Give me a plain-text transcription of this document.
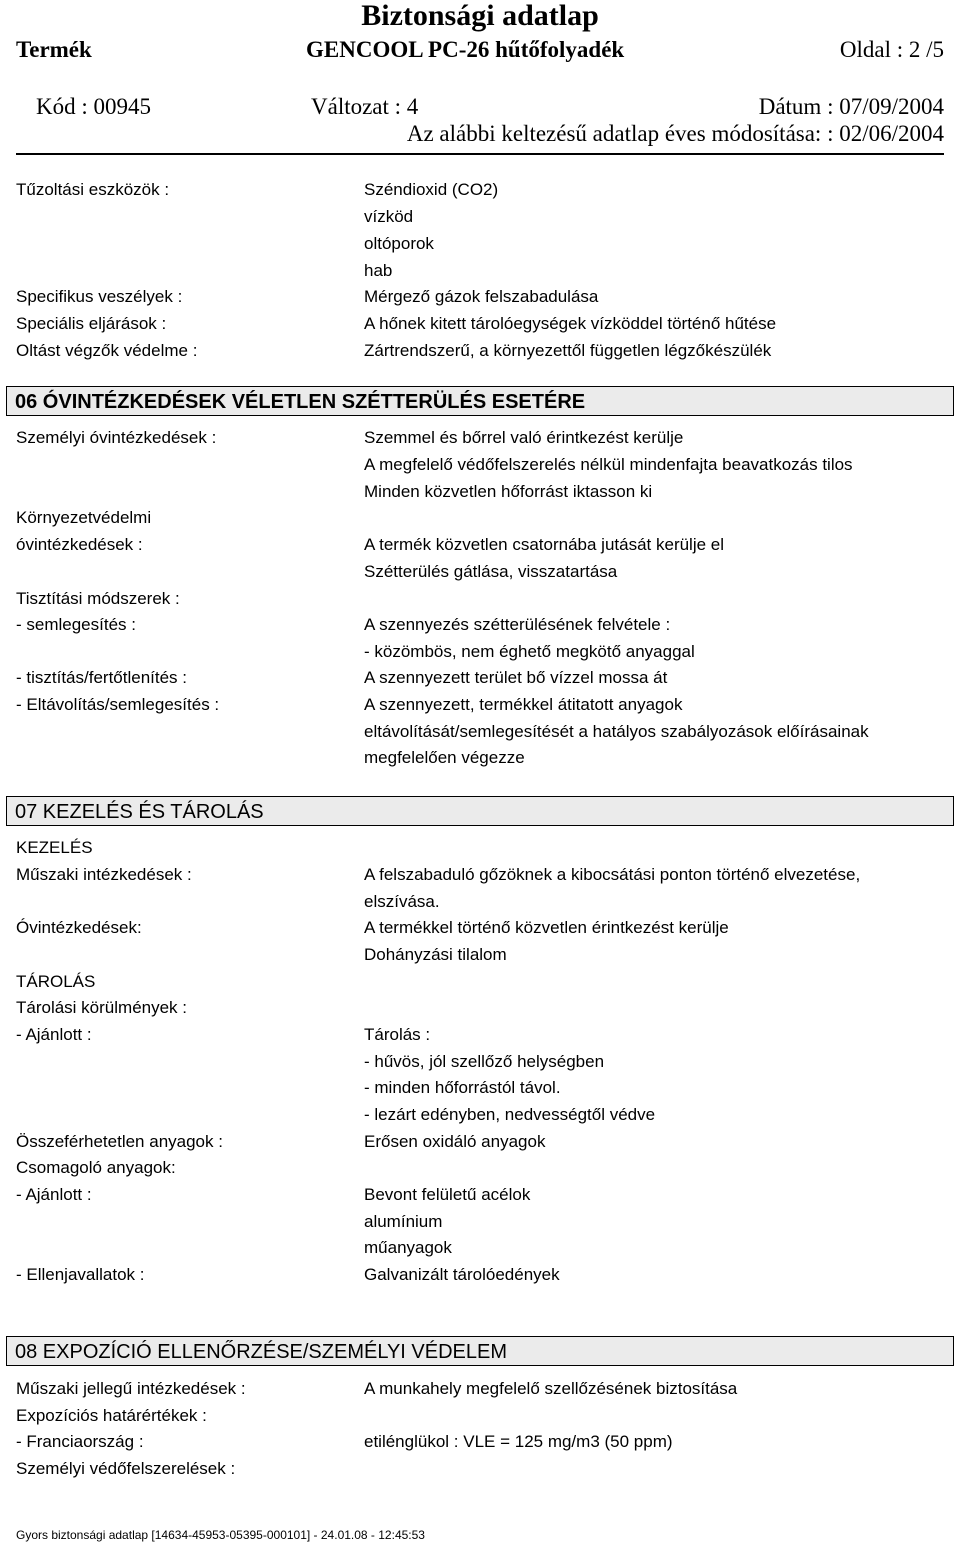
Biztonsági adatlap
Termék	GENCOOL PC-26 hűtőfolyadék	Oldal : 2 /5
Kód : 00945	Változat : 4	Dátum : 07/09/2004
Az alábbi keltezésű adatlap éves módosítása: : 02/06/2004
Tűzoltási eszközök :	Széndioxid (CO2)
vízköd
oltóporok
hab
Specifikus veszélyek :	Mérgező gázok felszabadulása
Speciális eljárások :	A hőnek kitett tárolóegységek vízköddel történő hűtése
Oltást végzők védelme :	Zártrendszerű, a környezettől független légzőkészülék
06 ÓVINTÉZKEDÉSEK VÉLETLEN SZÉTTERÜLÉS ESETÉRE
Személyi óvintézkedések :	Szemmel és bőrrel való érintkezést kerülje
A megfelelő védőfelszerelés nélkül mindenfajta beavatkozás tilos
Minden közvetlen hőforrást iktasson ki
Környezetvédelmi
óvintézkedések :	A termék közvetlen csatornába jutását kerülje el
Szétterülés gátlása, visszatartása
Tisztítási módszerek :
- semlegesítés :	A szennyezés szétterülésének felvétele :
- közömbös, nem éghető megkötő anyaggal
- tisztítás/fertőtlenítés :	A szennyezett terület bő vízzel mossa át
- Eltávolítás/semlegesítés :	A szennyezett, termékkel átitatott anyagok
eltávolítását/semlegesítését a hatályos szabályozások előírásainak
megfelelően végezze
07 KEZELÉS ÉS TÁROLÁS
KEZELÉS
Műszaki intézkedések :	A felszabaduló gőzöknek a kibocsátási ponton történő elvezetése,
elszívása.
Óvintézkedések:	A termékkel történő közvetlen érintkezést kerülje
Dohányzási tilalom
TÁROLÁS
Tárolási körülmények :
- Ajánlott :	Tárolás :
- hűvös, jól szellőző helységben
- minden hőforrástól távol.
- lezárt edényben, nedvességtől védve
Összeférhetetlen anyagok :	Erősen oxidáló anyagok
Csomagoló anyagok:
- Ajánlott :	Bevont felületű acélok
alumínium
műanyagok
- Ellenjavallatok :	Galvanizált tárolóedények
08 EXPOZÍCIÓ ELLENŐRZÉSE/SZEMÉLYI VÉDELEM
Műszaki jellegű intézkedések :	A munkahely megfelelő szellőzésének biztosítása
Expozíciós határértékek :
- Franciaország :	etilénglükol : VLE = 125 mg/m3 (50 ppm)
Személyi védőfelszerelések :
Gyors biztonsági adatlap [14634-45953-05395-000101] - 24.01.08 - 12:45:53
